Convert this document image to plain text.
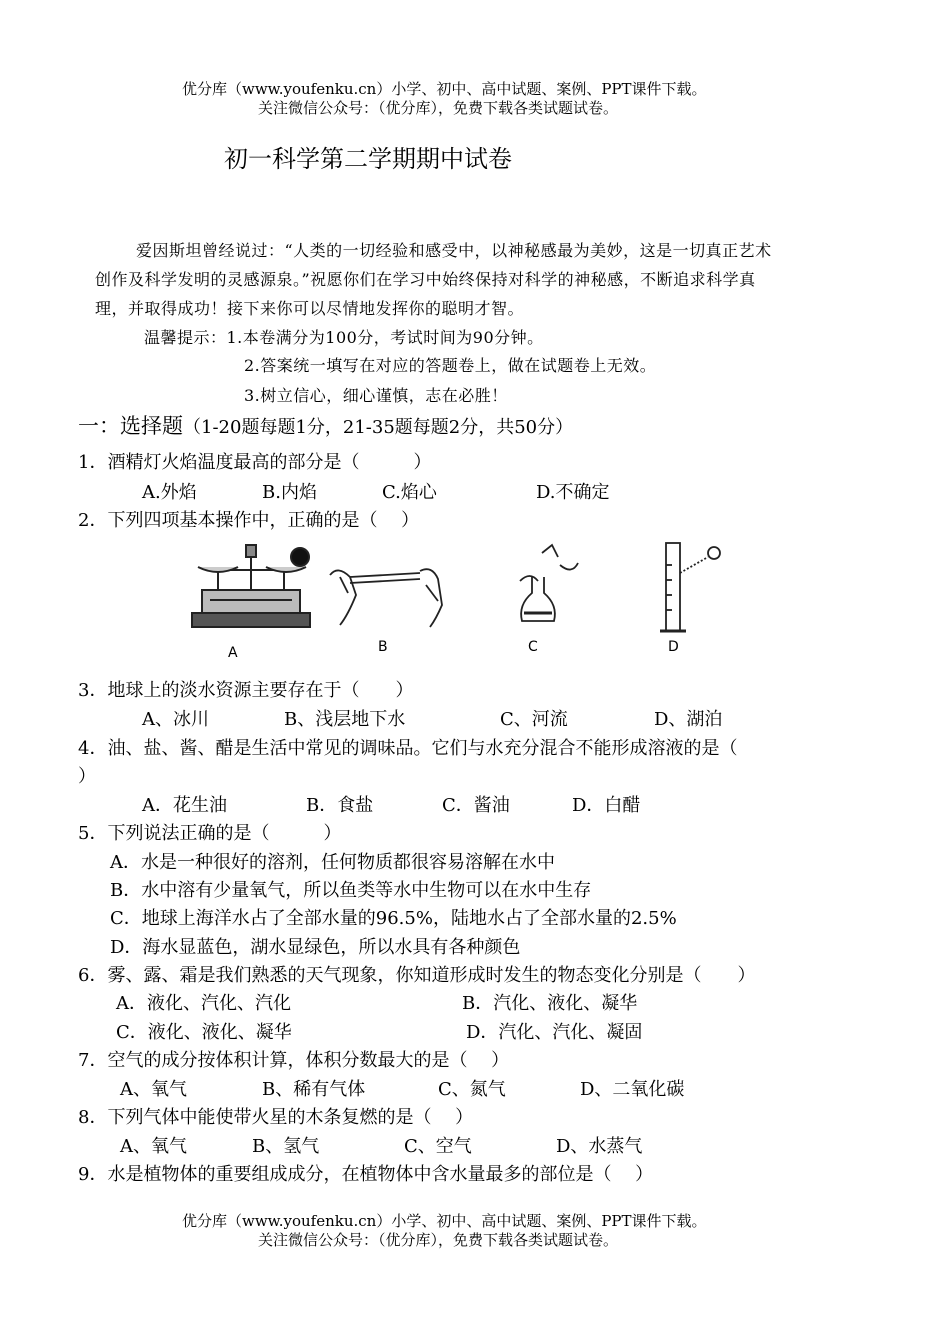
优分库（www.youfenku.cn）小学、初中、高中试题、案例、PPT课件下载。
关注微信公众号：（优分库），免费下载各类试题试卷。
初一科学第二学期期中试卷
爱因斯坦曾经说过：“人类的一切经验和感受中，以神秘感最为美妙，这是一切真正艺术
创作及科学发明的灵感源泉。”祝愿你们在学习中始终保持对科学的神秘感，不断追求科学真
理，并取得成功！接下来你可以尽情地发挥你的聪明才智。
温馨提示：1.本卷满分为100分，考试时间为90分钟。
2.答案统一填写在对应的答题卷上，做在试题卷上无效。
3.树立信心，细心谨慎，志在必胜！
一：选择题（1-20题每题1分，21-35题每题2分，共50分）
1．酒精灯火焰温度最高的部分是（　　　）
A.外焰	B.内焰	C.焰心	D.不确定
2．下列四项基本操作中，正确的是（　 ）
A	B	C	D
3．地球上的淡水资源主要存在于（　　）
A、冰川	B、浅层地下水	C、河流	D、湖泊
4．油、盐、酱、醋是生活中常见的调味品。它们与水充分混合不能形成溶液的是（
）
A．花生油	B．食盐	C．酱油	D．白醋
5．下列说法正确的是（　　　）
A．水是一种很好的溶剂，任何物质都很容易溶解在水中
B．水中溶有少量氧气，所以鱼类等水中生物可以在水中生存
C．地球上海洋水占了全部水量的96.5%，陆地水占了全部水量的2.5%
D．海水显蓝色，湖水显绿色，所以水具有各种颜色
6．雾、露、霜是我们熟悉的天气现象，你知道形成时发生的物态变化分别是（　　）
A．液化、汽化、汽化	B．汽化、液化、凝华
C．液化、液化、凝华	D．汽化、汽化、凝固
7．空气的成分按体积计算，体积分数最大的是（　 ）
A、氧气	B、稀有气体	C、氮气	D、二氧化碳
8．下列气体中能使带火星的木条复燃的是（　 ）
A、氧气	B、氢气	C、空气	D、水蒸气
9．水是植物体的重要组成成分，在植物体中含水量最多的部位是（　 ）
优分库（www.youfenku.cn）小学、初中、高中试题、案例、PPT课件下载。
关注微信公众号：（优分库），免费下载各类试题试卷。
